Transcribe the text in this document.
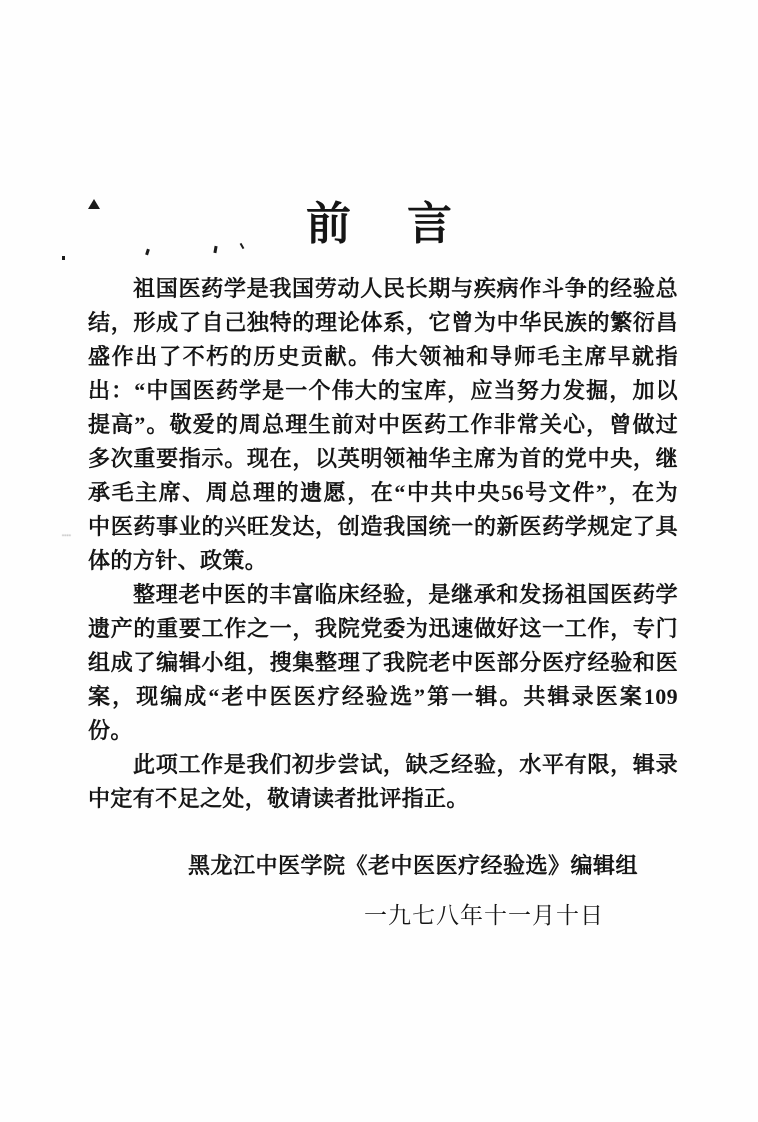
᠁
前言
祖国医药学是我国劳动人民长期与疾病作斗争的经验总
结，形成了自己独特的理论体系，它曾为中华民族的繁衍昌
盛作出了不朽的历史贡献。伟大领袖和导师毛主席早就指
出：“中国医药学是一个伟大的宝库，应当努力发掘，加以
提高”。敬爱的周总理生前对中医药工作非常关心，曾做过
多次重要指示。现在，以英明领袖华主席为首的党中央，继
承毛主席、周总理的遗愿，在“中共中央56号文件”，在为
中医药事业的兴旺发达，创造我国统一的新医药学规定了具
体的方针、政策。
整理老中医的丰富临床经验，是继承和发扬祖国医药学
遗产的重要工作之一，我院党委为迅速做好这一工作，专门
组成了编辑小组，搜集整理了我院老中医部分医疗经验和医
案，现编成“老中医医疗经验选”第一辑。共辑录医案109
份。
此项工作是我们初步尝试，缺乏经验，水平有限，辑录
中定有不足之处，敬请读者批评指正。
黑龙江中医学院《老中医医疗经验选》编辑组
一九七八年十一月十日
